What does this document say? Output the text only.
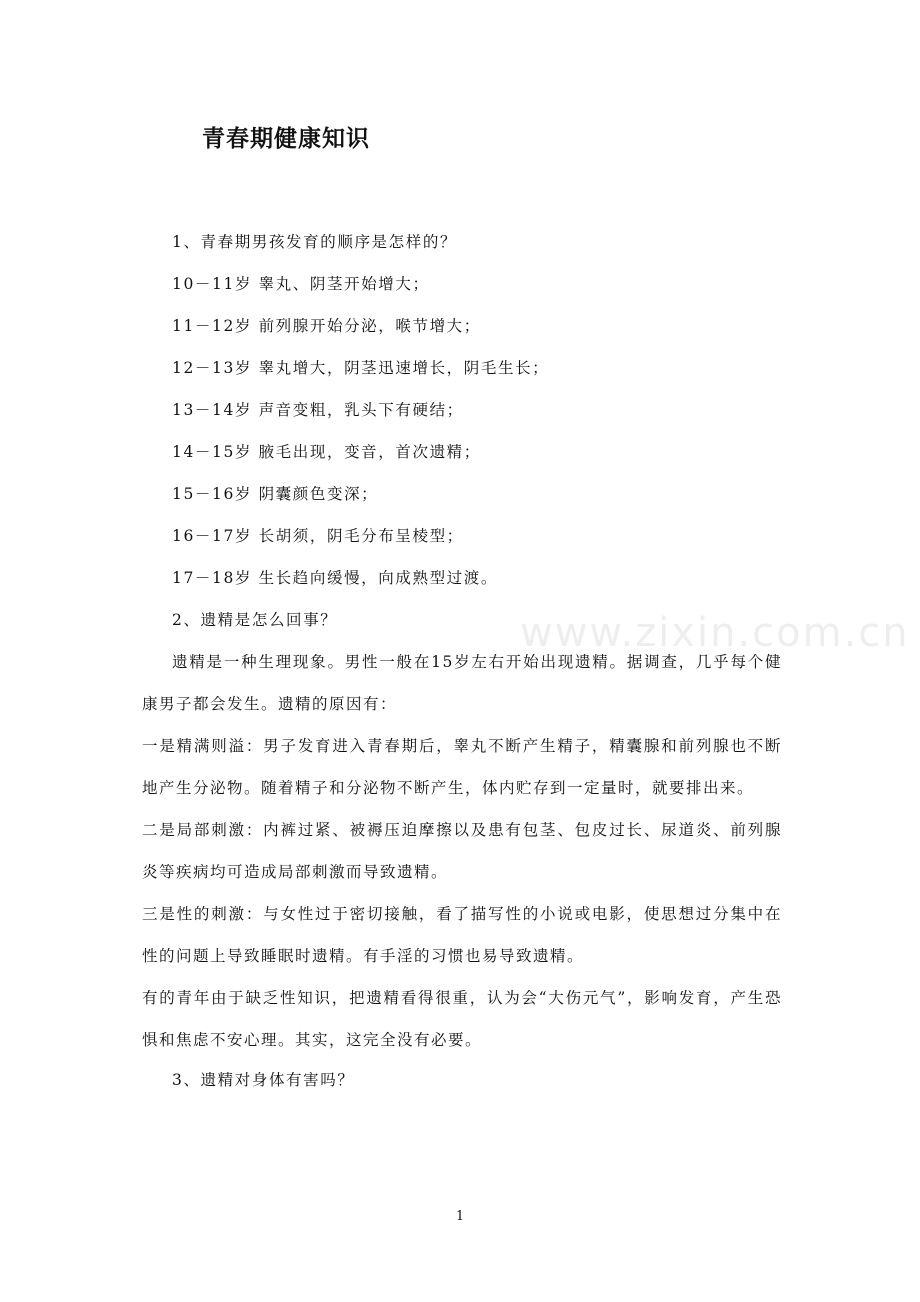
青春期健康知识
www.zixin.com.cn
1、青春期男孩发育的顺序是怎样的？
10－11岁 睾丸、阴茎开始增大；
11－12岁 前列腺开始分泌，喉节增大；
12－13岁 睾丸增大，阴茎迅速增长，阴毛生长；
13－14岁 声音变粗，乳头下有硬结；
14－15岁 腋毛出现，变音，首次遗精；
15－16岁 阴囊颜色变深；
16－17岁 长胡须，阴毛分布呈棱型；
17－18岁 生长趋向缓慢，向成熟型过渡。
2、遗精是怎么回事？

遗精是一种生理现象。男性一般在15岁左右开始出现遗精。据调查，几乎每个健康男子都会发生。遗精的原因有：

一是精满则溢：男子发育进入青春期后，睾丸不断产生精子，精囊腺和前列腺也不断地产生分泌物。随着精子和分泌物不断产生，体内贮存到一定量时，就要排出来。

二是局部刺激：内裤过紧、被褥压迫摩擦以及患有包茎、包皮过长、尿道炎、前列腺炎等疾病均可造成局部刺激而导致遗精。

三是性的刺激：与女性过于密切接触，看了描写性的小说或电影，使思想过分集中在性的问题上导致睡眠时遗精。有手淫的习惯也易导致遗精。

有的青年由于缺乏性知识，把遗精看得很重，认为会“大伤元气”，影响发育，产生恐惧和焦虑不安心理。其实，这完全没有必要。

3、遗精对身体有害吗？
1
